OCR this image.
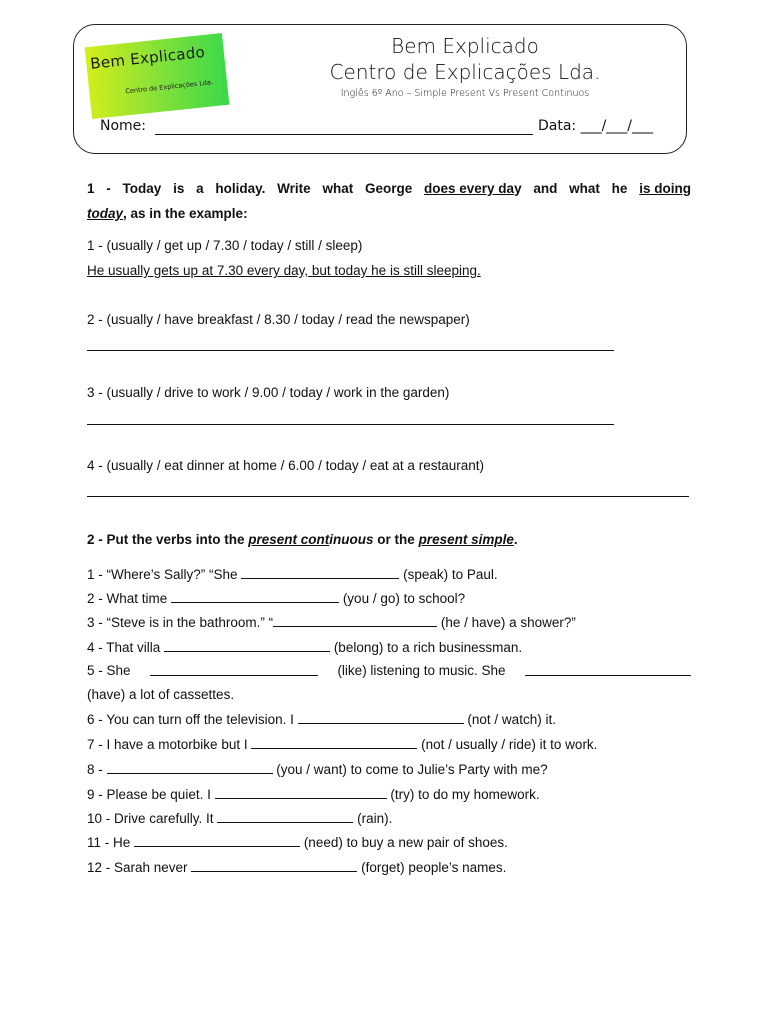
Bem Explicado
Centro de Explicações Lda.
Bem Explicado
Centro de Explicações Lda.
Inglês 6º Ano – Simple Present Vs Present Continuos
Nome:	Data: ___/___/___
1 - Today is a holiday. Write what George does every day and what he is doing
today, as in the example:
1 - (usually / get up / 7.30 / today / still / sleep)
He usually gets up at 7.30 every day, but today he is still sleeping.
2 - (usually / have breakfast / 8.30 / today / read the newspaper)
3 - (usually / drive to work / 9.00 / today / work in the garden)
4 - (usually / eat dinner at home / 6.00 / today / eat at a restaurant)
2 - Put the verbs into the present continuous or the present simple.
1 - “Where’s Sally?” “She	(speak) to Paul.
2 - What time	(you / go) to school?
3 - “Steve is in the bathroom.” “	(he / have) a shower?”
4 - That villa	(belong) to a rich businessman.
5 - She	(like) listening to music. She
(have) a lot of cassettes.
6 - You can turn off the television. I	(not / watch) it.
7 - I have a motorbike but I	(not / usually / ride) it to work.
8 -	(you / want) to come to Julie’s Party with me?
9 - Please be quiet. I	(try) to do my homework.
10 - Drive carefully. It	(rain).
11 - He	(need) to buy a new pair of shoes.
12 - Sarah never	(forget) people’s names.
